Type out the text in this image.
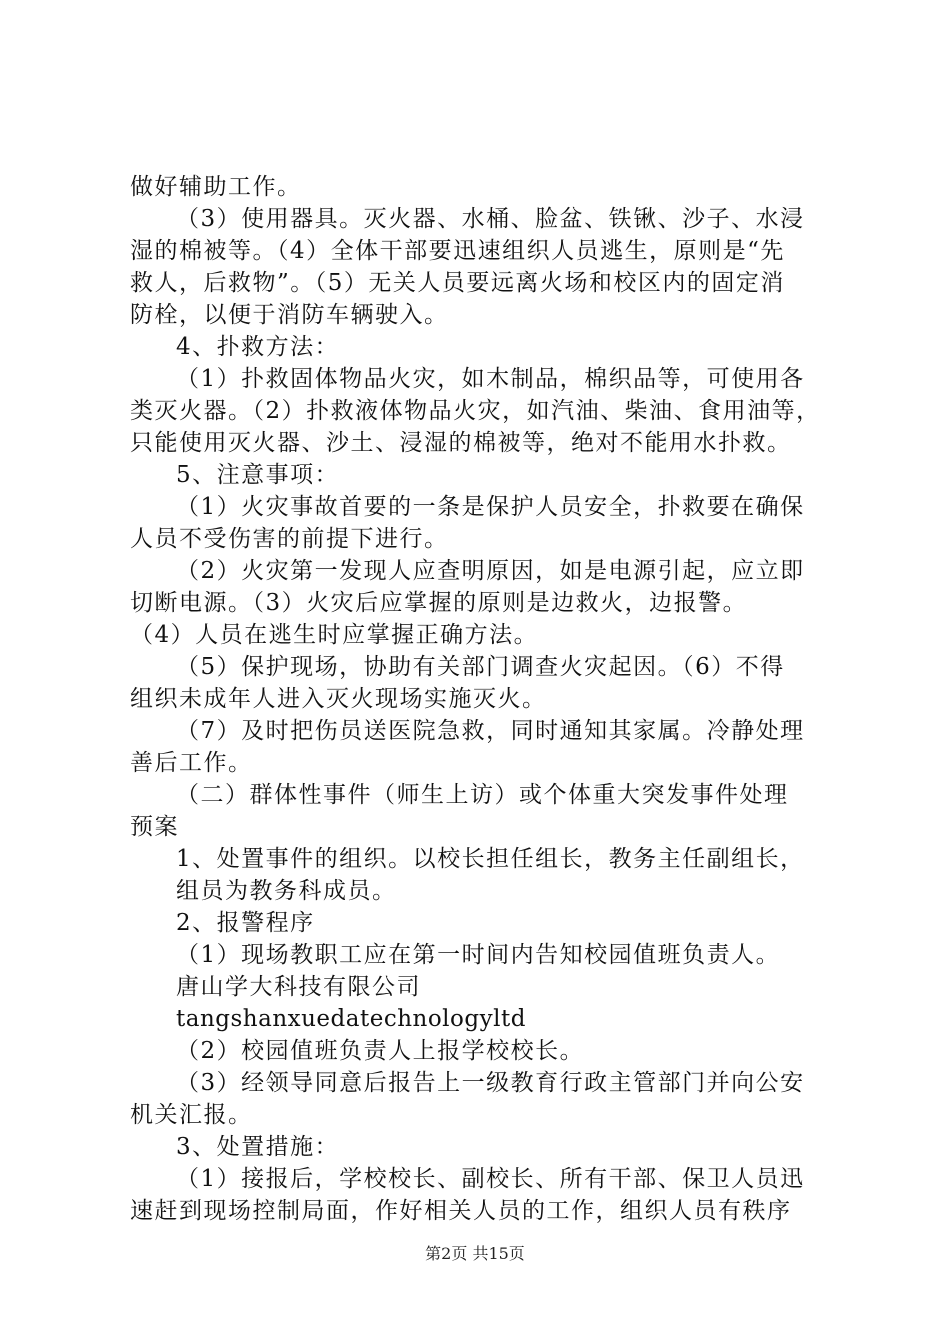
做好辅助工作。
（3）使用器具。灭火器、水桶、脸盆、铁锹、沙子、水浸
湿的棉被等。（4）全体干部要迅速组织人员逃生，原则是“先
救人，后救物”。（5）无关人员要远离火场和校区内的固定消
防栓，以便于消防车辆驶入。
4、扑救方法：
（1）扑救固体物品火灾，如木制品，棉织品等，可使用各
类灭火器。（2）扑救液体物品火灾，如汽油、柴油、食用油等，
只能使用灭火器、沙土、浸湿的棉被等，绝对不能用水扑救。
5、注意事项：
（1）火灾事故首要的一条是保护人员安全，扑救要在确保
人员不受伤害的前提下进行。
（2）火灾第一发现人应查明原因，如是电源引起，应立即
切断电源。（3）火灾后应掌握的原则是边救火，边报警。
（4）人员在逃生时应掌握正确方法。
（5）保护现场，协助有关部门调查火灾起因。（6）不得
组织未成年人进入灭火现场实施灭火。
（7）及时把伤员送医院急救，同时通知其家属。冷静处理
善后工作。
（二）群体性事件（师生上访）或个体重大突发事件处理
预案
1、处置事件的组织。以校长担任组长，教务主任副组长，
组员为教务科成员。
2、报警程序
（1）现场教职工应在第一时间内告知校园值班负责人。
唐山学大科技有限公司
tangshanxuedatechnologyltd
（2）校园值班负责人上报学校校长。
（3）经领导同意后报告上一级教育行政主管部门并向公安
机关汇报。
3、处置措施：
（1）接报后，学校校长、副校长、所有干部、保卫人员迅
速赶到现场控制局面，作好相关人员的工作，组织人员有秩序
第2页 共15页
